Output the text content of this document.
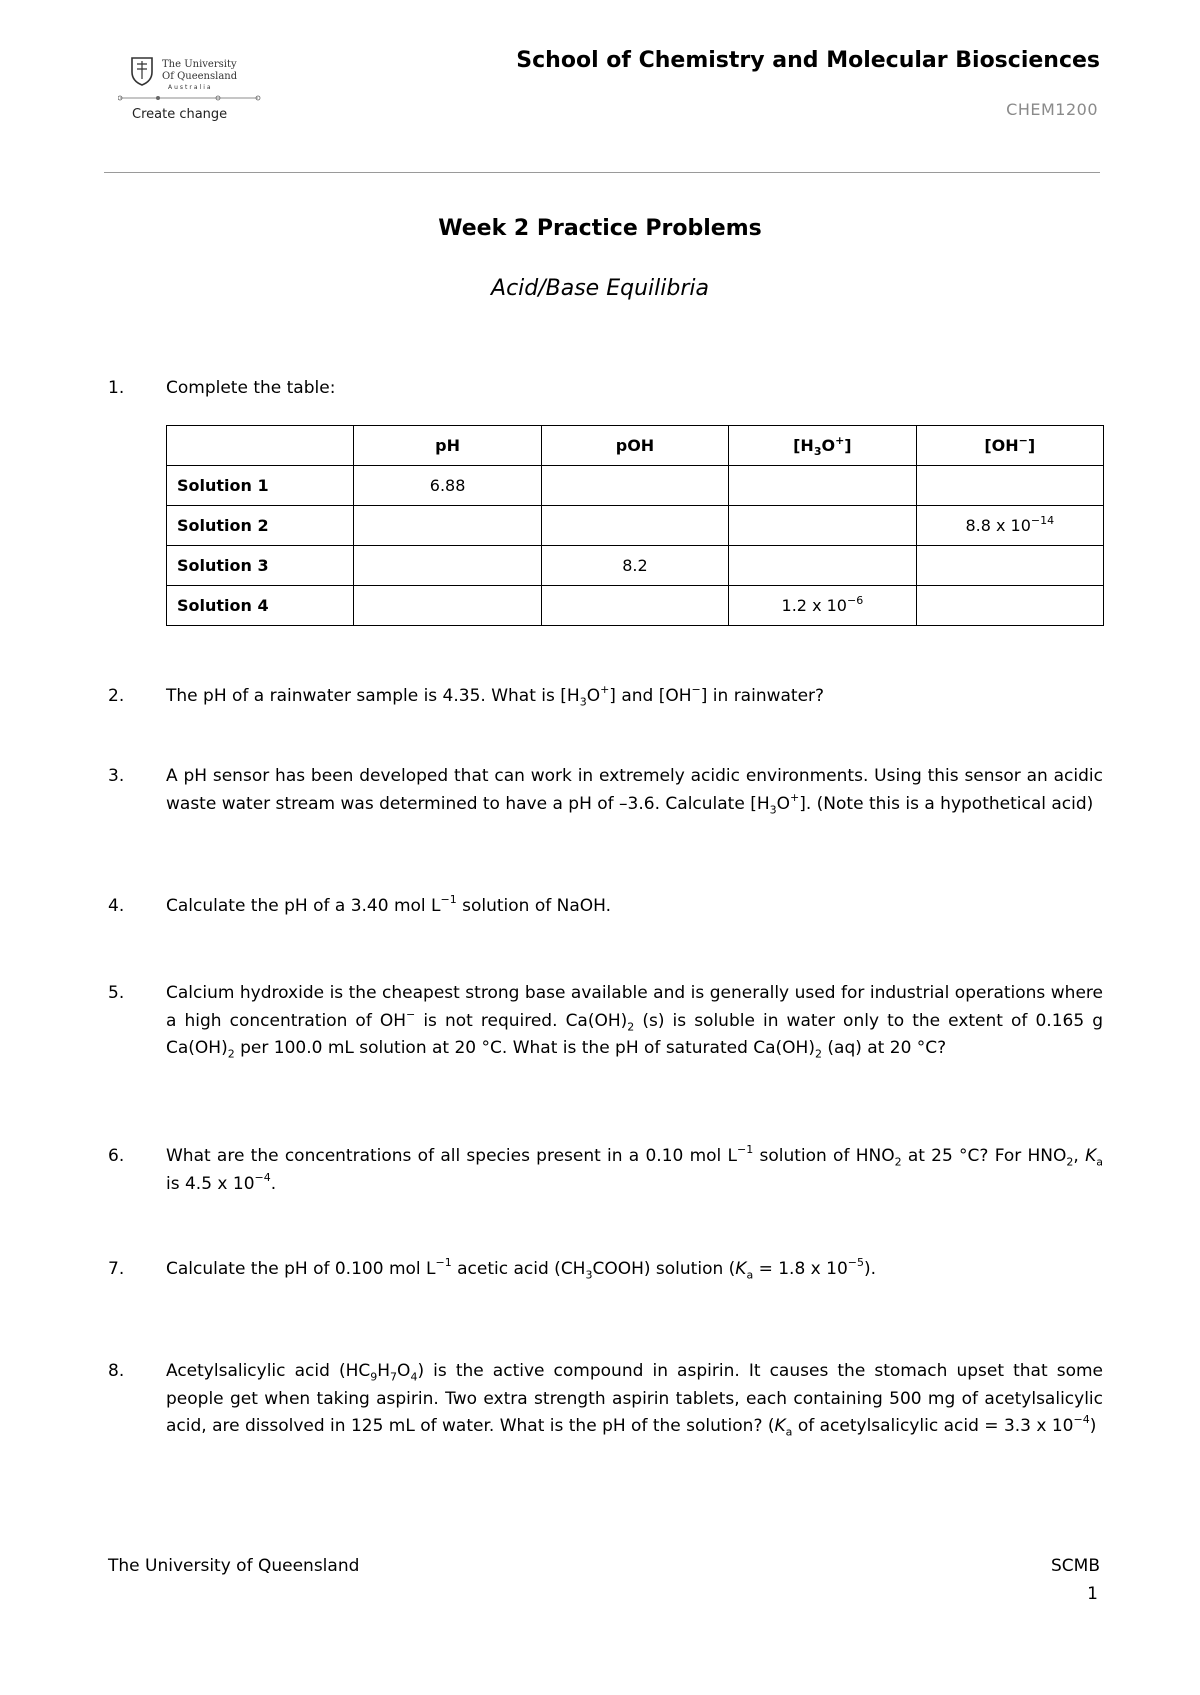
The University
Of Queensland
Australia
Create change
School of Chemistry and Molecular Biosciences
CHEM1200
Week 2 Practice Problems
Acid/Base Equilibria
1.	Complete the table:
	pH	pOH	$[H_3O^+]$	[OH−]
Solution 1	6.88			
Solution 2				8.8 x $10^{-14}$
Solution 3		8.2		
Solution 4			1.2 x $10^{-6}$	
2.	The pH of a rainwater sample is 4.35. What is $[H_3O^+]$ and [OH−] in rainwater?
3.	A pH sensor has been developed that can work in extremely acidic environments. Using this sensor an acidic waste water stream was determined to have a pH of –3.6. Calculate $[H_3O^+]$. (Note this is a hypothetical acid)
4.	Calculate the pH of a 3.40 mol $L^{-1}$ solution of NaOH.
5.	Calcium hydroxide is the cheapest strong base available and is generally used for industrial operations where a high concentration of OH− is not required. $Ca(OH)_2$ (s) is soluble in water only to the extent of 0.165 g $Ca(OH)_2$ per 100.0 mL solution at 20 °C. What is the pH of saturated $Ca(OH)_2$ (aq) at 20 °C?
6.	What are the concentrations of all species present in a 0.10 mol $L^{-1}$ solution of $HNO_2$ at 25 °C? For $HNO_2$, $K_a$ is 4.5 x $10^{-4}$.
7.	Calculate the pH of 0.100 mol $L^{-1}$ acetic acid $(CH_3COOH)$ solution ($K_a = 1.8$ x $10^{-5}$).
8.	Acetylsalicylic acid $(HC_9H_7O_4)$ is the active compound in aspirin. It causes the stomach upset that some people get when taking aspirin. Two extra strength aspirin tablets, each containing 500 mg of acetylsalicylic acid, are dissolved in 125 mL of water. What is the pH of the solution? ($K_a$ of acetylsalicylic acid = 3.3 x $10^{-4}$)
The University of Queensland	SCMB
1
